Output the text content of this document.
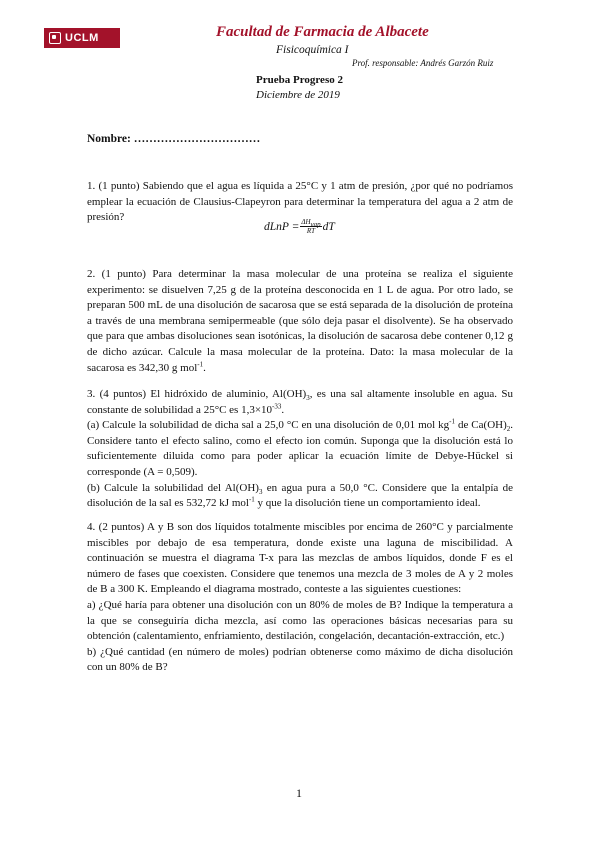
UCLM	Facultad de Farmacia de Albacete
Fisicoquímica I
Prof. responsable: Andrés Garzón Ruiz
Prueba Progreso 2
Diciembre de 2019
Nombre: ……………………………

1. (1 punto) Sabiendo que el agua es líquida a 25°C y 1 atm de presión, ¿por qué no podríamos emplear la ecuación de Clausius-Clapeyron para determinar la temperatura del agua a 2 atm de presión?

dLnP = $\frac{\Delta H_{vap}}{RT}$ dT

2. (1 punto) Para determinar la masa molecular de una proteína se realiza el siguiente experimento: se disuelven 7,25 g de la proteína desconocida en 1 L de agua. Por otro lado, se preparan 500 mL de una disolución de sacarosa que se está separada de la disolución de proteína a través de una membrana semipermeable (que sólo deja pasar el disolvente). Se ha observado que para que ambas disoluciones sean isotónicas, la disolución de sacarosa debe contener 0,12 g de dicho azúcar. Calcule la masa molecular de la proteína. Dato: la masa molecular de la sacarosa es 342,30 g mol$^{-1}$.

3. (4 puntos) El hidróxido de aluminio, $Al(OH)_3$, es una sal altamente insoluble en agua. Su constante de solubilidad a 25°C es $1,3\times 10^{-33}$.

(a) Calcule la solubilidad de dicha sal a 25,0 °C en una disolución de 0,01 mol $kg^{-1}$ de $Ca(OH)_2$. Considere tanto el efecto salino, como el efecto ion común. Suponga que la disolución está lo suficientemente diluida como para poder aplicar la ecuación límite de Debye-Hückel si corresponde (A = 0,509).

(b) Calcule la solubilidad del $Al(OH)_3$ en agua pura a 50,0 °C. Considere que la entalpía de disolución de la sal es 532,72 kJ mol$^{-1}$ y que la disolución tiene un comportamiento ideal.

4. (2 puntos) A y B son dos líquidos totalmente miscibles por encima de 260°C y parcialmente miscibles por debajo de esa temperatura, donde existe una laguna de miscibilidad. A continuación se muestra el diagrama T-x para las mezclas de ambos líquidos, donde F es el número de fases que coexisten. Considere que tenemos una mezcla de 3 moles de A y 2 moles de B a 300 K. Empleando el diagrama mostrado, conteste a las siguientes cuestiones:

a) ¿Qué haría para obtener una disolución con un 80% de moles de B? Indique la temperatura a la que se conseguiría dicha mezcla, así como las operaciones básicas necesarias para su obtención (calentamiento, enfriamiento, destilación, congelación, decantación-extracción, etc.)

b) ¿Qué cantidad (en número de moles) podrían obtenerse como máximo de dicha disolución con un 80% de B?

1
